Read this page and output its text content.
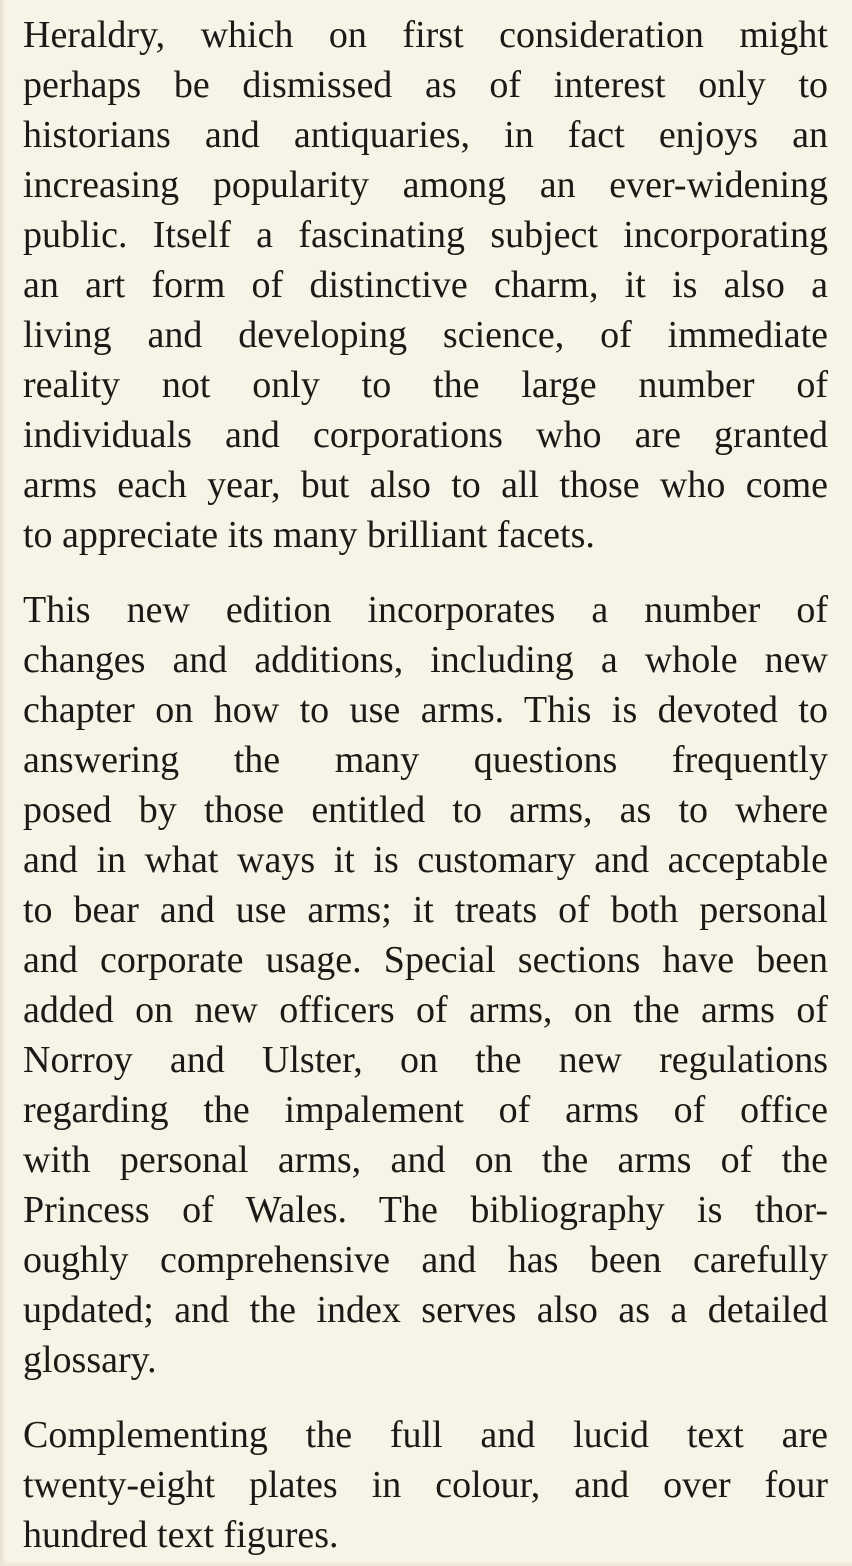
Heraldry, which on first consideration might
perhaps be dismissed as of interest only to
historians and antiquaries, in fact enjoys an
increasing popularity among an ever-widening
public. Itself a fascinating subject incorporating
an art form of distinctive charm, it is also a
living and developing science, of immediate
reality not only to the large number of
individuals and corporations who are granted
arms each year, but also to all those who come
to appreciate its many brilliant facets.
This new edition incorporates a number of
changes and additions, including a whole new
chapter on how to use arms. This is devoted to
answering the many questions frequently
posed by those entitled to arms, as to where
and in what ways it is customary and acceptable
to bear and use arms; it treats of both personal
and corporate usage. Special sections have been
added on new officers of arms, on the arms of
Norroy and Ulster, on the new regulations
regarding the impalement of arms of office
with personal arms, and on the arms of the
Princess of Wales. The bibliography is thor-
oughly comprehensive and has been carefully
updated; and the index serves also as a detailed
glossary.
Complementing the full and lucid text are
twenty-eight plates in colour, and over four
hundred text figures.
